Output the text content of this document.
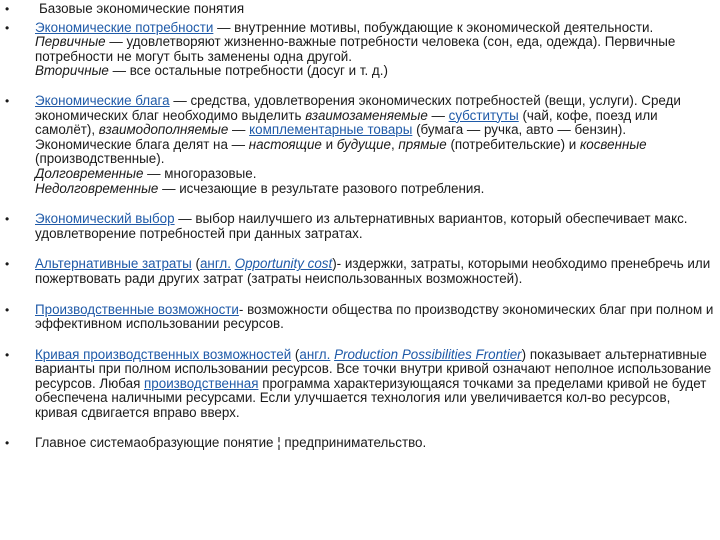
• Базовые экономические понятия
• Экономические потребности — внутренние мотивы, побуждающие к экономической деятельности.

Первичные — удовлетворяют жизненно-важные потребности человека (сон, еда, одежда). Первичные потребности не могут быть заменены одна другой.

Вторичные — все остальные потребности (досуг и т. д.)

• Экономические блага — средства, удовлетворения экономических потребностей (вещи, услуги). Среди экономических благ необходимо выделить взаимозаменяемые — субституты (чай, кофе, поезд или самолёт), взаимодополняемые — комплементарные товары (бумага — ручка, авто — бензин). Экономические блага делят на — настоящие и будущие, прямые (потребительские) и косвенные (производственные).

Долговременные — многоразовые.

Недолговременные — исчезающие в результате разового потребления.

• Экономический выбор — выбор наилучшего из альтернативных вариантов, который обеспечивает макс. удовлетворение потребностей при данных затратах.

• Альтернативные затраты (англ. Opportunity cost)- издержки, затраты, которыми необходимо пренебречь или пожертвовать ради других затрат (затраты неиспользованных возможностей).

• Производственные возможности- возможности общества по производству экономических благ при полном и эффективном использовании ресурсов.

• Кривая производственных возможностей (англ. Production Possibilities Frontier) показывает альтернативные варианты при полном использовании ресурсов. Все точки внутри кривой означают неполное использование ресурсов. Любая производственная программа характеризующаяся точками за пределами кривой не будет обеспечена наличными ресурсами. Если улучшается технология или увеличивается кол-во ресурсов, кривая сдвигается вправо вверх.

• Главное системаобразующие понятие ¦ предпринимательство.
